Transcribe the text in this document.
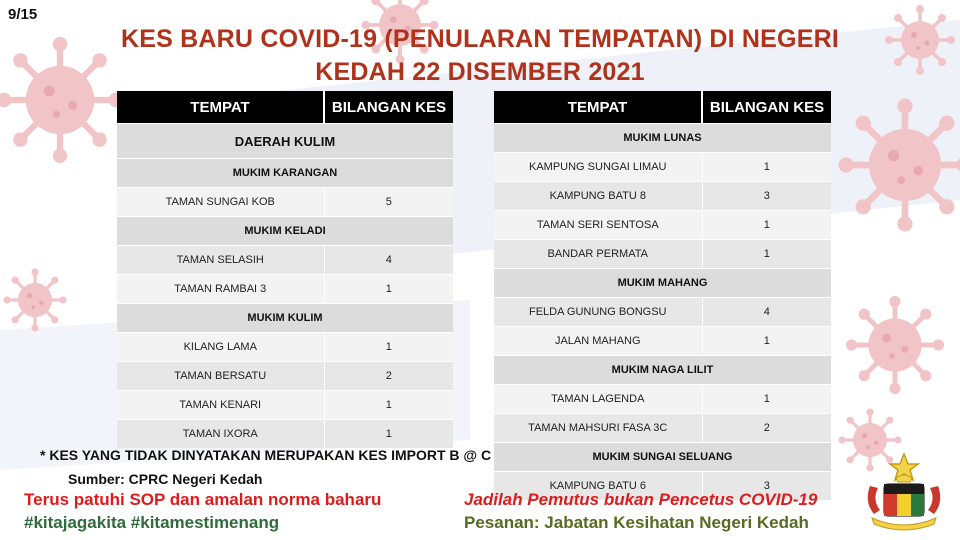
9/15
KES BARU COVID-19 (PENULARAN TEMPATAN) DI NEGERI
KEDAH 22 DISEMBER 2021
TEMPAT	BILANGAN KES
DAERAH KULIM	
MUKIM KARANGAN	
TAMAN SUNGAI KOB	5
MUKIM KELADI	
TAMAN SELASIH	4
TAMAN RAMBAI 3	1
MUKIM KULIM	
KILANG LAMA	1
TAMAN BERSATU	2
TAMAN KENARI	1
TAMAN IXORA	1
TEMPAT	BILANGAN KES
MUKIM LUNAS	
KAMPUNG SUNGAI LIMAU	1
KAMPUNG BATU 8	3
TAMAN SERI SENTOSA	1
BANDAR PERMATA	1
MUKIM MAHANG	
FELDA GUNUNG BONGSU	4
JALAN MAHANG	1
MUKIM NAGA LILIT	
TAMAN LAGENDA	1
TAMAN MAHSURI FASA 3C	2
MUKIM SUNGAI SELUANG	
KAMPUNG BATU 6	3
* KES YANG TIDAK DINYATAKAN MERUPAKAN KES IMPORT B @ C
Sumber: CPRC Negeri Kedah
Terus patuhi SOP dan amalan norma baharu
#kitajagakita #kitamestimenang
Jadilah Pemutus bukan Pencetus COVID-19
Pesanan: Jabatan Kesihatan Negeri Kedah
